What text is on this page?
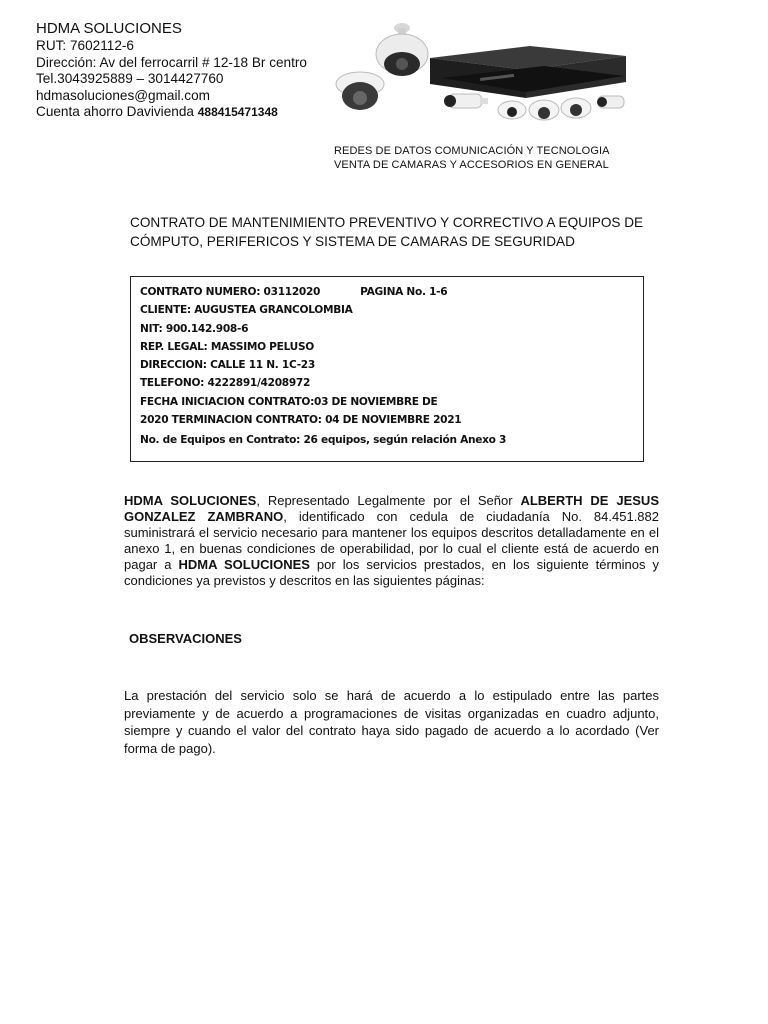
HDMA SOLUCIONES
RUT: 7602112-6
Dirección: Av del ferrocarril # 12-18 Br centro
Tel.3043925889 – 3014427760
hdmasoluciones@gmail.com
Cuenta ahorro Davivienda 488415471348
REDES DE DATOS COMUNICACIÓN Y TECNOLOGIA
VENTA DE CAMARAS Y ACCESORIOS EN GENERAL
CONTRATO DE MANTENIMIENTO PREVENTIVO Y CORRECTIVO A EQUIPOS DE
CÓMPUTO, PERIFERICOS Y SISTEMA DE CAMARAS DE SEGURIDAD
CONTRATO NUMERO: 03112020	PAGINA No. 1-6
CLIENTE: AUGUSTEA GRANCOLOMBIA
NIT: 900.142.908-6
REP. LEGAL: MASSIMO PELUSO
DIRECCION: CALLE 11 N. 1C-23
TELEFONO: 4222891/4208972
FECHA INICIACION CONTRATO:03 DE NOVIEMBRE DE
2020 TERMINACION CONTRATO: 04 DE NOVIEMBRE 2021
No. de Equipos en Contrato: 26 equipos, según relación Anexo 3
HDMA SOLUCIONES, Representado Legalmente por el Señor ALBERTH DE JESUS GONZALEZ ZAMBRANO, identificado con cedula de ciudadanía No. 84.451.882 suministrará el servicio necesario para mantener los equipos descritos detalladamente en el anexo 1, en buenas condiciones de operabilidad, por lo cual el cliente está de acuerdo en pagar a HDMA SOLUCIONES por los servicios prestados, en los siguiente términos y condiciones ya previstos y descritos en las siguientes páginas:
OBSERVACIONES
La prestación del servicio solo se hará de acuerdo a lo estipulado entre las partes previamente y de acuerdo a programaciones de visitas organizadas en cuadro adjunto, siempre y cuando el valor del contrato haya sido pagado de acuerdo a lo acordado (Ver forma de pago).
